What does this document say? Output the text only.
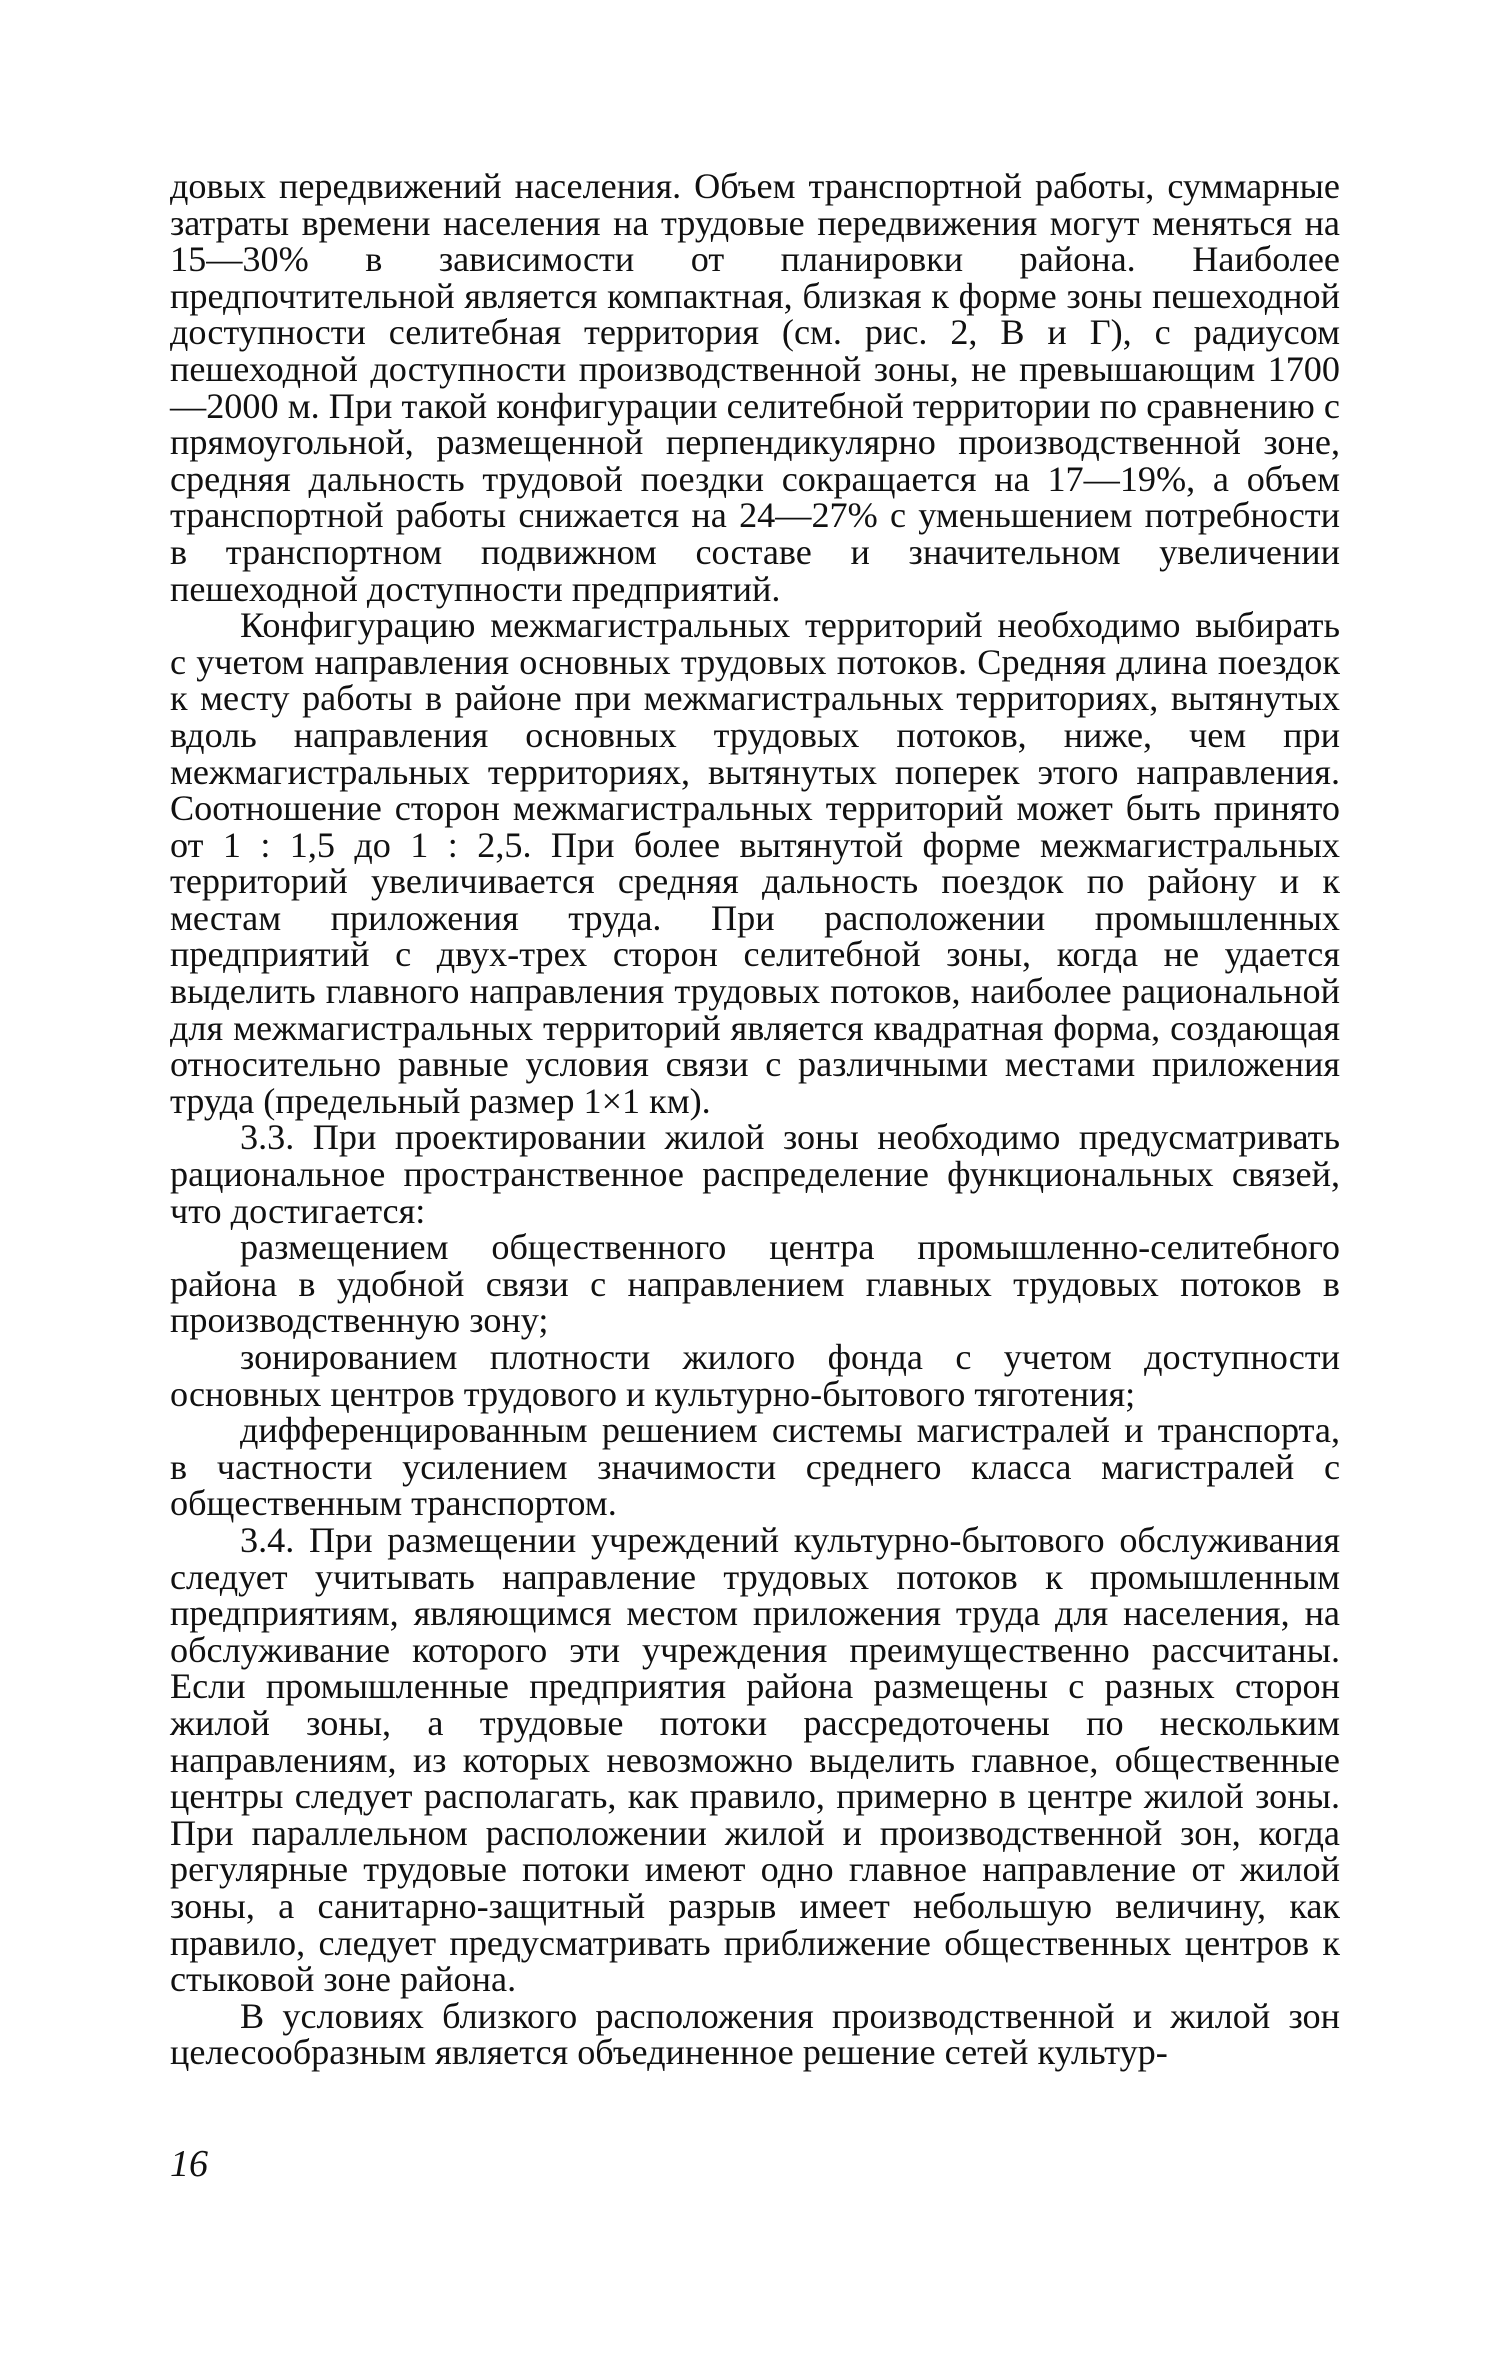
довых передвижений населения. Объем транспортной работы, суммарные затраты времени населения на трудовые передвижения могут меняться на 15—30% в зависимости от планировки района. Наиболее предпочтительной является компактная, близкая к форме зоны пешеходной доступности селитебная территория (см. рис. 2, В и Г), с радиусом пешеходной доступности производственной зоны, не превышающим 1700—2000 м. При такой конфигурации селитебной территории по сравнению с прямоугольной, размещенной перпендикулярно производственной зоне, средняя дальность трудовой поездки сокращается на 17—19%, а объем транспортной работы снижается на 24—27% с уменьшением потребности в транспортном подвижном составе и значительном увеличении пешеходной доступности предприятий.

Конфигурацию межмагистральных территорий необходимо выбирать с учетом направления основных трудовых потоков. Средняя длина поездок к месту работы в районе при межмагистральных территориях, вытянутых вдоль направления основных трудовых потоков, ниже, чем при межмагистральных территориях, вытянутых поперек этого направления. Соотношение сторон межмагистральных территорий может быть принято от 1 : 1,5 до 1 : 2,5. При более вытянутой форме межмагистральных территорий увеличивается средняя дальность поездок по району и к местам приложения труда. При расположении промышленных предприятий с двух-трех сторон селитебной зоны, когда не удается выделить главного направления трудовых потоков, наиболее рациональной для межмагистральных территорий является квадратная форма, создающая относительно равные условия связи с различными местами приложения труда (предельный размер 1×1 км).

3.3. При проектировании жилой зоны необходимо предусматривать рациональное пространственное распределение функциональных связей, что достигается:

размещением общественного центра промышленно-селитебного района в удобной связи с направлением главных трудовых потоков в производственную зону;

зонированием плотности жилого фонда с учетом доступности основных центров трудового и культурно-бытового тяготения;

дифференцированным решением системы магистралей и транспорта, в частности усилением значимости среднего класса магистралей с общественным транспортом.

3.4. При размещении учреждений культурно-бытового обслуживания следует учитывать направление трудовых потоков к промышленным предприятиям, являющимся местом приложения труда для населения, на обслуживание которого эти учреждения преимущественно рассчитаны. Если промышленные предприятия района размещены с разных сторон жилой зоны, а трудовые потоки рассредоточены по нескольким направлениям, из которых невозможно выделить главное, общественные центры следует располагать, как правило, примерно в центре жилой зоны. При параллельном расположении жилой и производственной зон, когда регулярные трудовые потоки имеют одно главное направление от жилой зоны, а санитарно-защитный разрыв имеет небольшую величину, как правило, следует предусматривать приближение общественных центров к стыковой зоне района.

В условиях близкого расположения производственной и жилой зон целесообразным является объединенное решение сетей культур-

16
